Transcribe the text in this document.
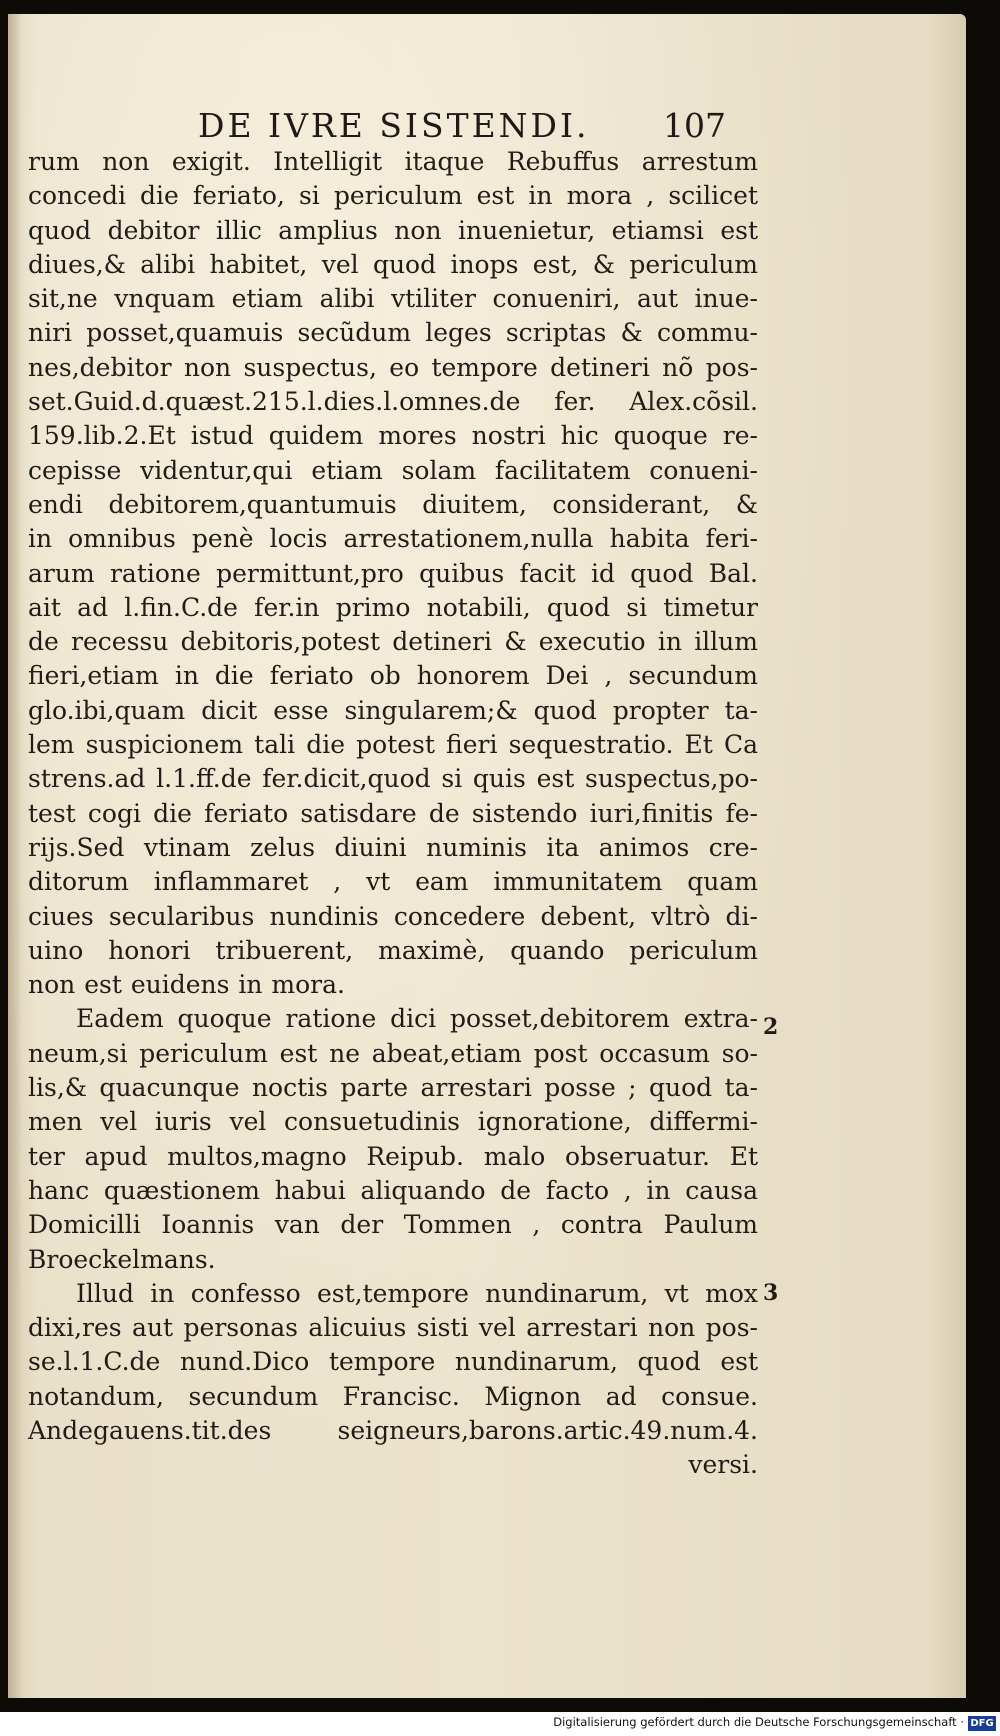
DE IVRE SISTENDI. 107
rum non exigit. Intelligit itaque Rebuffus arrestum
concedi die feriato, si periculum est in mora , scilicet
quod debitor illic amplius non inuenietur, etiamsi est
diues,& alibi habitet, vel quod inops est, & periculum
sit,ne vnquam etiam alibi vtiliter conueniri, aut inue-
niri posset,quamuis secũdum leges scriptas & commu-
nes,debitor non suspectus, eo tempore detineri nõ pos-
set.Guid.d.quæst.215.l.dies.l.omnes.de fer. Alex.cõsil.
159.lib.2.Et istud quidem mores nostri hic quoque re-
cepisse videntur,qui etiam solam facilitatem conueni-
endi debitorem,quantumuis diuitem, considerant, &
in omnibus penè locis arrestationem,nulla habita feri-
arum ratione permittunt,pro quibus facit id quod Bal.
ait ad l.fin.C.de fer.in primo notabili, quod si timetur
de recessu debitoris,potest detineri & executio in illum
fieri,etiam in die feriato ob honorem Dei , secundum
glo.ibi,quam dicit esse singularem;& quod propter ta-
lem suspicionem tali die potest fieri sequestratio. Et Ca
strens.ad l.1.ff.de fer.dicit,quod si quis est suspectus,po-
test cogi die feriato satisdare de sistendo iuri,finitis fe-
rijs.Sed vtinam zelus diuini numinis ita animos cre-
ditorum inflammaret , vt eam immunitatem quam
ciues secularibus nundinis concedere debent, vltrò di-
uino honori tribuerent, maximè, quando periculum
non est euidens in mora.
Eadem quoque ratione dici posset,debitorem extra-
neum,si periculum est ne abeat,etiam post occasum so-
lis,& quacunque noctis parte arrestari posse ; quod ta-
men vel iuris vel consuetudinis ignoratione, differmi-
ter apud multos,magno Reipub. malo obseruatur. Et
hanc quæstionem habui aliquando de facto , in causa
Domicilli Ioannis van der Tommen , contra Paulum
Broeckelmans.
Illud in confesso est,tempore nundinarum, vt mox
dixi,res aut personas alicuius sisti vel arrestari non pos-
se.l.1.C.de nund.Dico tempore nundinarum, quod est
notandum, secundum Francisc. Mignon ad consue.
Andegauens.tit.des seigneurs,barons.artic.49.num.4.
versi.
2
3
Digitalisierung gefördert durch die Deutsche Forschungsgemeinschaft · DFG
